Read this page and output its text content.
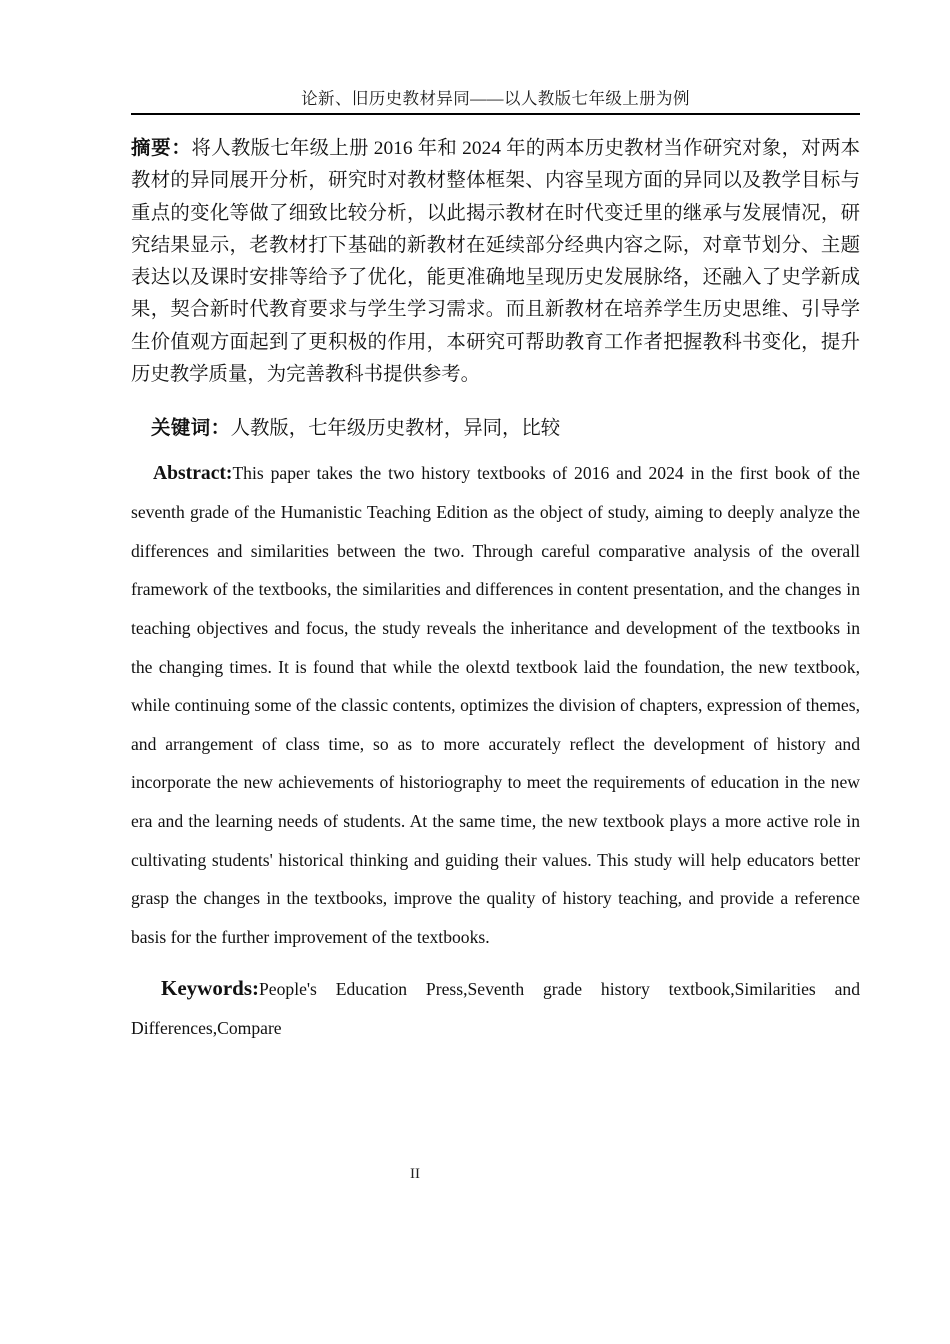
论新、旧历史教材异同——以人教版七年级上册为例

摘要：将人教版七年级上册 2016 年和 2024 年的两本历史教材当作研究对象，对两本教材的异同展开分析，研究时对教材整体框架、内容呈现方面的异同以及教学目标与重点的变化等做了细致比较分析，以此揭示教材在时代变迁里的继承与发展情况，研究结果显示，老教材打下基础的新教材在延续部分经典内容之际，对章节划分、主题表达以及课时安排等给予了优化，能更准确地呈现历史发展脉络，还融入了史学新成果，契合新时代教育要求与学生学习需求。而且新教材在培养学生历史思维、引导学生价值观方面起到了更积极的作用，本研究可帮助教育工作者把握教科书变化，提升历史教学质量，为完善教科书提供参考。

关键词：人教版，七年级历史教材，异同，比较

Abstract:This paper takes the two history textbooks of 2016 and 2024 in the first book of the seventh grade of the Humanistic Teaching Edition as the object of study, aiming to deeply analyze the differences and similarities between the two. Through careful comparative analysis of the overall framework of the textbooks, the similarities and differences in content presentation, and the changes in teaching objectives and focus, the study reveals the inheritance and development of the textbooks in the changing times. It is found that while the olextd textbook laid the foundation, the new textbook, while continuing some of the classic contents, optimizes the division of chapters, expression of themes, and arrangement of class time, so as to more accurately reflect the development of history and incorporate the new achievements of historiography to meet the requirements of education in the new era and the learning needs of students. At the same time, the new textbook plays a more active role in cultivating students' historical thinking and guiding their values. This study will help educators better grasp the changes in the textbooks, improve the quality of history teaching, and provide a reference basis for the further improvement of the textbooks.

Keywords:People's Education Press,Seventh grade history textbook,Similarities and Differences,Compare

II
